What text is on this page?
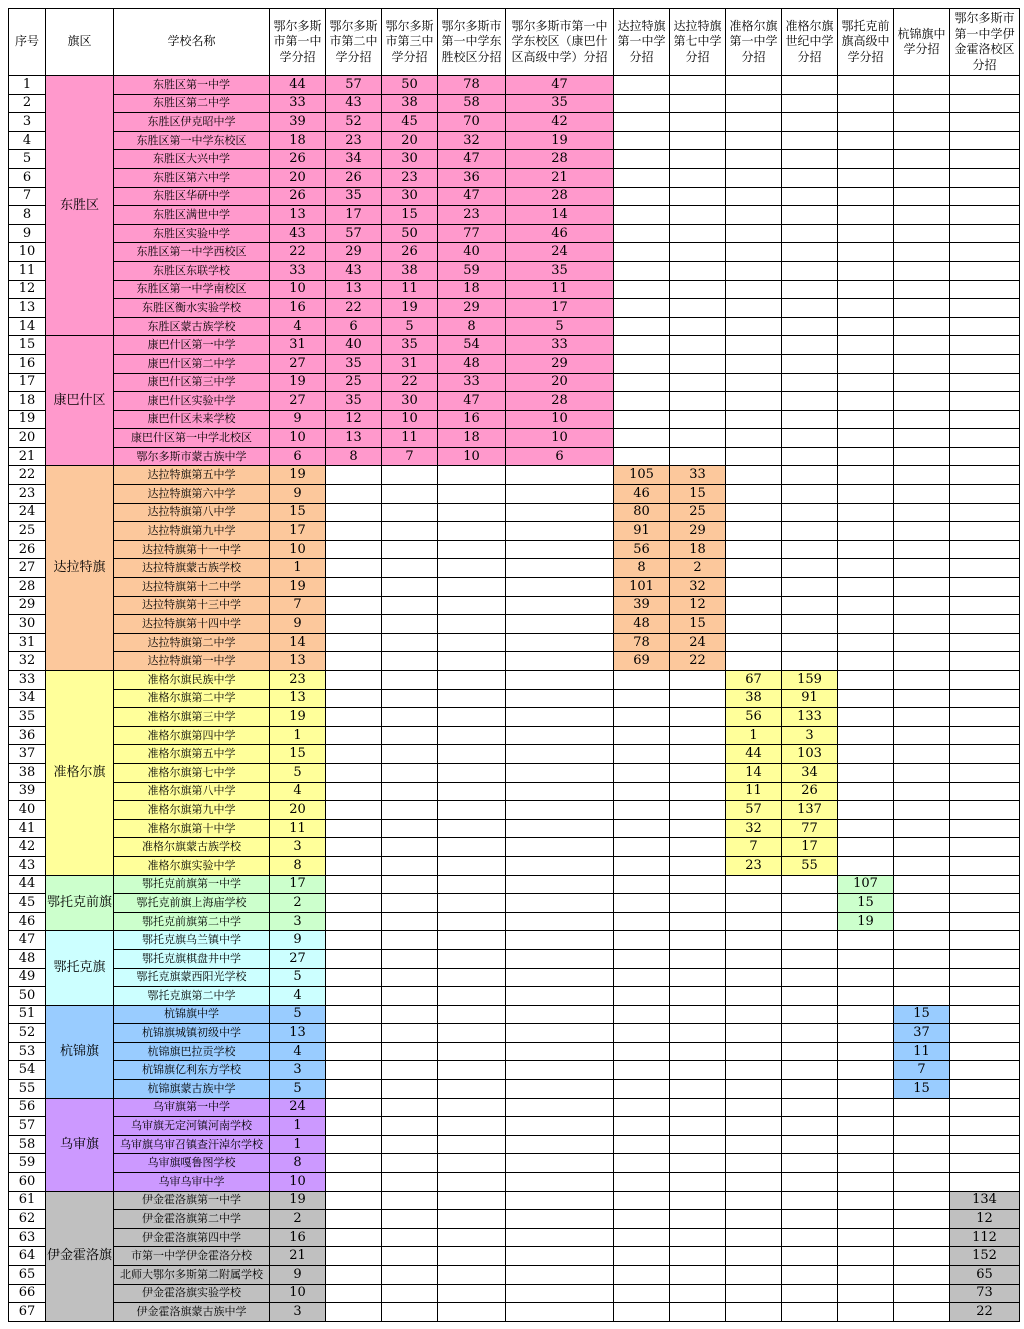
序号	旗区	学校名称	鄂尔多斯市第一中学分招	鄂尔多斯市第二中学分招	鄂尔多斯市第三中学分招	鄂尔多斯市第一中学东胜校区分招	鄂尔多斯市第一中学东校区（康巴什区高级中学）分招	达拉特旗第一中学分招	达拉特旗第七中学分招	准格尔旗第一中学分招	准格尔旗世纪中学分招	鄂托克前旗高级中学分招	杭锦旗中学分招	鄂尔多斯市第一中学伊金霍洛校区分招
1	东胜区	东胜区第一中学	44	57	50	78	47							
2		东胜区第二中学	33	43	38	58	35							
3		东胜区伊克昭中学	39	52	45	70	42							
4		东胜区第一中学东校区	18	23	20	32	19							
5		东胜区大兴中学	26	34	30	47	28							
6		东胜区第六中学	20	26	23	36	21							
7		东胜区华研中学	26	35	30	47	28							
8		东胜区满世中学	13	17	15	23	14							
9		东胜区实验中学	43	57	50	77	46							
10		东胜区第一中学西校区	22	29	26	40	24							
11		东胜区东联学校	33	43	38	59	35							
12		东胜区第一中学南校区	10	13	11	18	11							
13		东胜区衡水实验学校	16	22	19	29	17							
14		东胜区蒙古族学校	4	6	5	8	5							
15	康巴什区	康巴什区第一中学	31	40	35	54	33							
16		康巴什区第二中学	27	35	31	48	29							
17		康巴什区第三中学	19	25	22	33	20							
18		康巴什区实验中学	27	35	30	47	28							
19		康巴什区未来学校	9	12	10	16	10							
20		康巴什区第一中学北校区	10	13	11	18	10							
21		鄂尔多斯市蒙古族中学	6	8	7	10	6							
22	达拉特旗	达拉特旗第五中学	19					105	33					
23		达拉特旗第六中学	9					46	15					
24		达拉特旗第八中学	15					80	25					
25		达拉特旗第九中学	17					91	29					
26		达拉特旗第十一中学	10					56	18					
27		达拉特旗蒙古族学校	1					8	2					
28		达拉特旗第十二中学	19					101	32					
29		达拉特旗第十三中学	7					39	12					
30		达拉特旗第十四中学	9					48	15					
31		达拉特旗第二中学	14					78	24					
32		达拉特旗第一中学	13					69	22					
33	准格尔旗	准格尔旗民族中学	23							67	159			
34		准格尔旗第二中学	13							38	91			
35		准格尔旗第三中学	19							56	133			
36		准格尔旗第四中学	1							1	3			
37		准格尔旗第五中学	15							44	103			
38		准格尔旗第七中学	5							14	34			
39		准格尔旗第八中学	4							11	26			
40		准格尔旗第九中学	20							57	137			
41		准格尔旗第十中学	11							32	77			
42		准格尔旗蒙古族学校	3							7	17			
43		准格尔旗实验中学	8							23	55			
44	鄂托克前旗	鄂托克前旗第一中学	17									107		
45		鄂托克前旗上海庙学校	2									15		
46		鄂托克前旗第二中学	3									19		
47	鄂托克旗	鄂托克旗乌兰镇中学	9											
48		鄂托克旗棋盘井中学	27											
49		鄂托克旗蒙西阳光学校	5											
50		鄂托克旗第二中学	4											
51	杭锦旗	杭锦旗中学	5										15	
52		杭锦旗城镇初级中学	13										37	
53		杭锦旗巴拉贡学校	4										11	
54		杭锦旗亿利东方学校	3										7	
55		杭锦旗蒙古族中学	5										15	
56	乌审旗	乌审旗第一中学	24											
57		乌审旗无定河镇河南学校	1											
58		乌审旗乌审召镇查汗淖尔学校	1											
59		乌审旗嘎鲁图学校	8											
60		乌审乌审中学	10											
61	伊金霍洛旗	伊金霍洛旗第一中学	19											134
62		伊金霍洛旗第二中学	2											12
63		伊金霍洛旗第四中学	16											112
64		市第一中学伊金霍洛分校	21											152
65		北师大鄂尔多斯第二附属学校	9											65
66		伊金霍洛旗实验学校	10											73
67		伊金霍洛旗蒙古族中学	3											22
